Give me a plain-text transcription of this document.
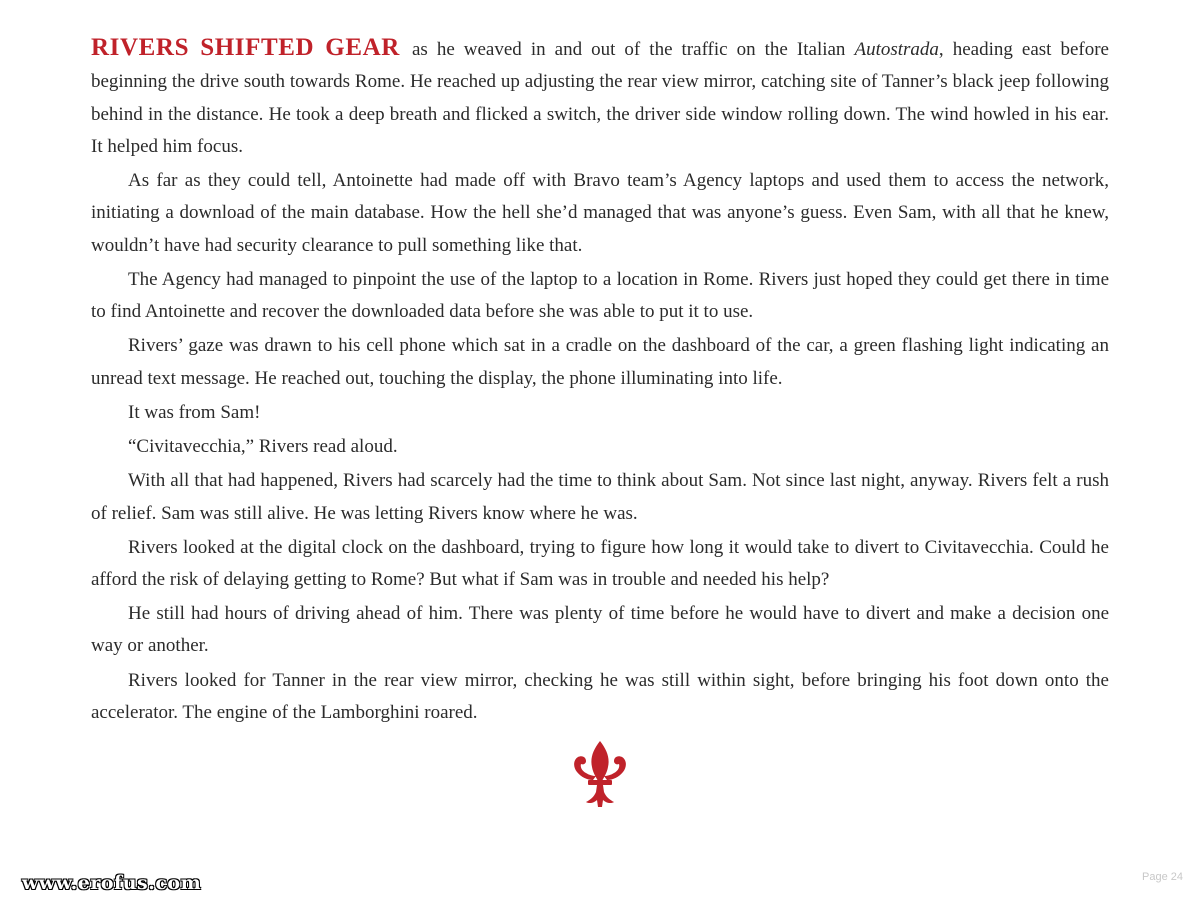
RIVERS SHIFTED GEAR as he weaved in and out of the traffic on the Italian Autostrada, heading east before beginning the drive south towards Rome. He reached up adjusting the rear view mirror, catching site of Tanner’s black jeep following behind in the distance. He took a deep breath and flicked a switch, the driver side window rolling down. The wind howled in his ear. It helped him focus.

As far as they could tell, Antoinette had made off with Bravo team’s Agency laptops and used them to access the network, initiating a download of the main database. How the hell she’d managed that was anyone’s guess. Even Sam, with all that he knew, wouldn’t have had security clearance to pull something like that.

The Agency had managed to pinpoint the use of the laptop to a location in Rome. Rivers just hoped they could get there in time to find Antoinette and recover the downloaded data before she was able to put it to use.

Rivers’ gaze was drawn to his cell phone which sat in a cradle on the dashboard of the car, a green flashing light indicating an unread text message. He reached out, touching the display, the phone illuminating into life.

It was from Sam!

“Civitavecchia,” Rivers read aloud.

With all that had happened, Rivers had scarcely had the time to think about Sam. Not since last night, anyway. Rivers felt a rush of relief. Sam was still alive. He was letting Rivers know where he was.

Rivers looked at the digital clock on the dashboard, trying to figure how long it would take to divert to Civitavecchia. Could he afford the risk of delaying getting to Rome? But what if Sam was in trouble and needed his help?

He still had hours of driving ahead of him. There was plenty of time before he would have to divert and make a decision one way or another.

Rivers looked for Tanner in the rear view mirror, checking he was still within sight, before bringing his foot down onto the accelerator. The engine of the Lamborghini roared.

www.erofus.com	Page 24
